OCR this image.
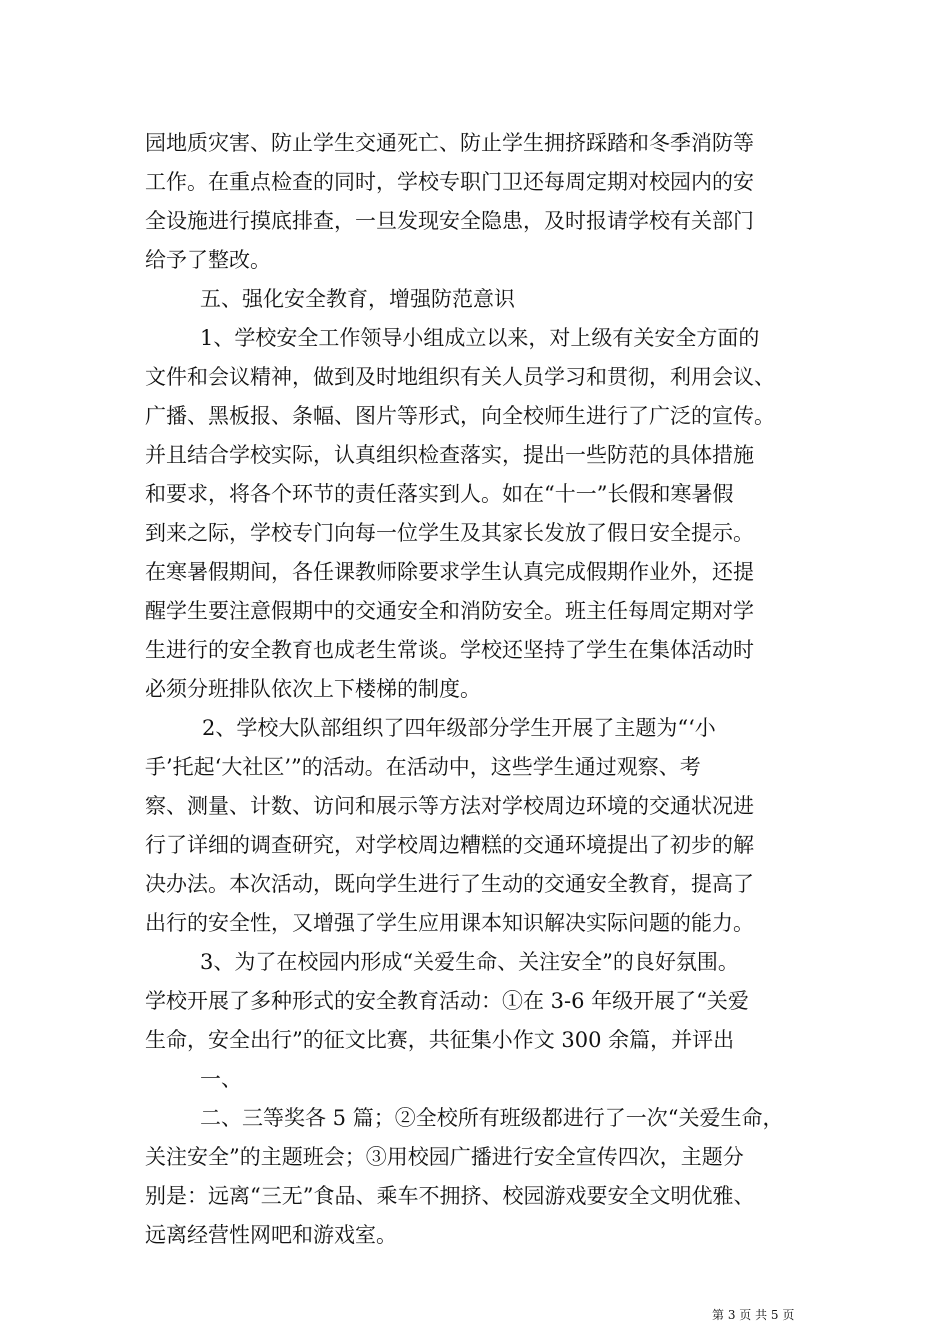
园地质灾害、防止学生交通死亡、防止学生拥挤踩踏和冬季消防等
工作。在重点检查的同时，学校专职门卫还每周定期对校园内的安
全设施进行摸底排查，一旦发现安全隐患，及时报请学校有关部门
给予了整改。
五、强化安全教育，增强防范意识
1、学校安全工作领导小组成立以来，对上级有关安全方面的
文件和会议精神，做到及时地组织有关人员学习和贯彻，利用会议、
广播、黑板报、条幅、图片等形式，向全校师生进行了广泛的宣传。
并且结合学校实际，认真组织检查落实，提出一些防范的具体措施
和要求，将各个环节的责任落实到人。如在“十一”长假和寒暑假
到来之际，学校专门向每一位学生及其家长发放了假日安全提示。
在寒暑假期间，各任课教师除要求学生认真完成假期作业外，还提
醒学生要注意假期中的交通安全和消防安全。班主任每周定期对学
生进行的安全教育也成老生常谈。学校还坚持了学生在集体活动时
必须分班排队依次上下楼梯的制度。
2、学校大队部组织了四年级部分学生开展了主题为“‘小
手’托起‘大社区’”的活动。在活动中，这些学生通过观察、考
察、测量、计数、访问和展示等方法对学校周边环境的交通状况进
行了详细的调查研究，对学校周边糟糕的交通环境提出了初步的解
决办法。本次活动，既向学生进行了生动的交通安全教育，提高了
出行的安全性，又增强了学生应用课本知识解决实际问题的能力。
3、为了在校园内形成“关爱生命、关注安全”的良好氛围。
学校开展了多种形式的安全教育活动：①在 3-6 年级开展了“关爱
生命，安全出行”的征文比赛，共征集小作文 300 余篇，并评出
一、
二、三等奖各 5 篇；②全校所有班级都进行了一次“关爱生命，
关注安全”的主题班会；③用校园广播进行安全宣传四次，主题分
别是：远离“三无”食品、乘车不拥挤、校园游戏要安全文明优雅、
远离经营性网吧和游戏室。
第 3 页 共 5 页
